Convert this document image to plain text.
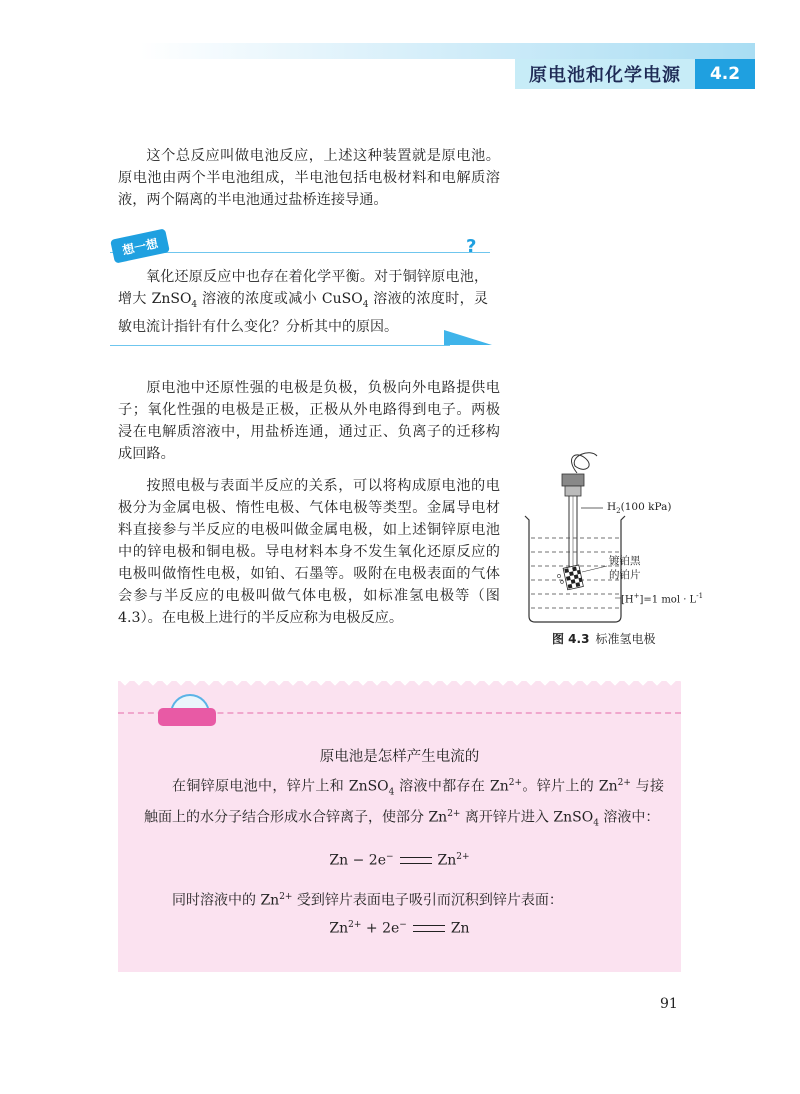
原电池和化学电源	4.2

这个总反应叫做电池反应，上述这种装置就是原电池。原电池由两个半电池组成，半电池包括电极材料和电解质溶液，两个隔离的半电池通过盐桥连接导通。

想一想	?

氧化还原反应中也存在着化学平衡。对于铜锌原电池，增大 ZnSO$_4$ 溶液的浓度或减小 CuSO$_4$ 溶液的浓度时，灵敏电流计指针有什么变化？分析其中的原因。

原电池中还原性强的电极是负极，负极向外电路提供电子；氧化性强的电极是正极，正极从外电路得到电子。两极浸在电解质溶液中，用盐桥连通，通过正、负离子的迁移构成回路。

按照电极与表面半反应的关系，可以将构成原电池的电极分为金属电极、惰性电极、气体电极等类型。金属导电材料直接参与半反应的电极叫做金属电极，如上述铜锌原电池中的锌电极和铜电极。导电材料本身不发生氧化还原反应的电极叫做惰性电极，如铂、石墨等。吸附在电极表面的气体会参与半反应的电极叫做气体电极，如标准氢电极等（图 4.3）。在电极上进行的半反应称为电极反应。

$H_2(100$ kPa)
镀铂黑
的铂片
[H+]=1 mol · $L^{-1}$
图 4.3 标准氢电极
原电池是怎样产生电流的

在铜锌原电池中，锌片上和 ZnSO$_4$ 溶液中都存在 $Zn^{2+}$。锌片上的 $Zn^{2+}$ 与接触面上的水分子结合形成水合锌离子，使部分 $Zn^{2+}$ 离开锌片进入 ZnSO$_4$ 溶液中：

Zn − 2e−	$Zn^{2+}$

同时溶液中的 $Zn^{2+}$ 受到锌片表面电子吸引而沉积到锌片表面：

$Zn^{2+} + 2e^-$	Zn
91
